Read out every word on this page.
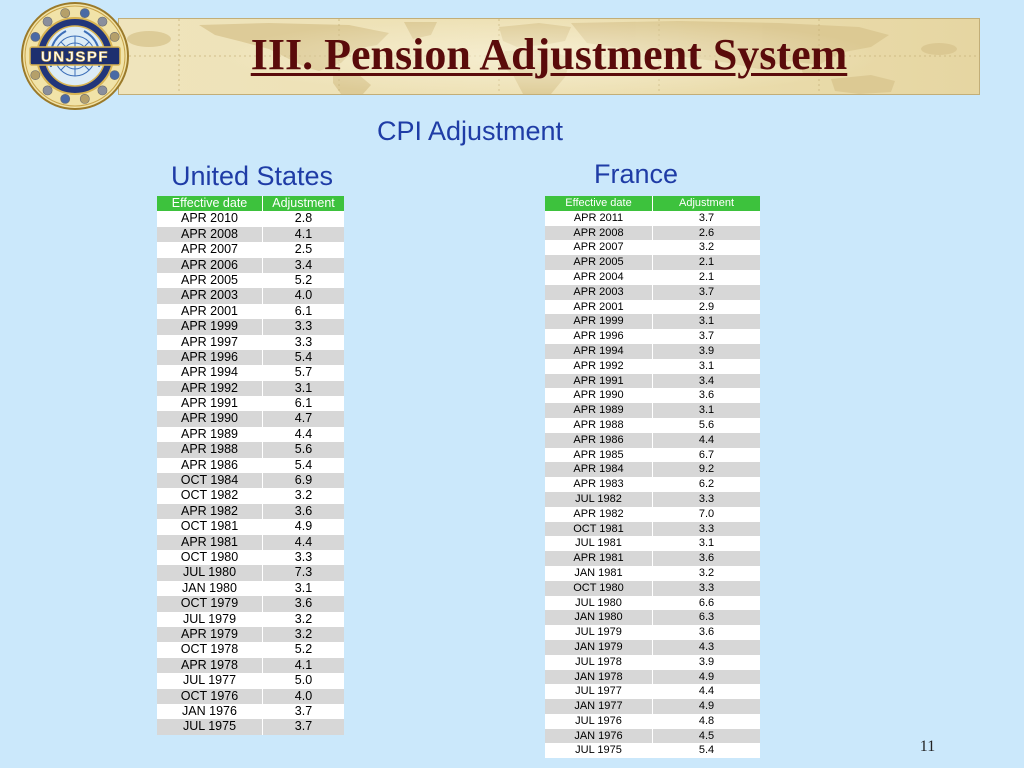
UNJSPF	III. Pension Adjustment System
CPI Adjustment
United States	France
Effective date	Adjustment
APR 2010	2.8
APR 2008	4.1
APR 2007	2.5
APR 2006	3.4
APR 2005	5.2
APR 2003	4.0
APR 2001	6.1
APR 1999	3.3
APR 1997	3.3
APR 1996	5.4
APR 1994	5.7
APR 1992	3.1
APR 1991	6.1
APR 1990	4.7
APR 1989	4.4
APR 1988	5.6
APR 1986	5.4
OCT 1984	6.9
OCT 1982	3.2
APR 1982	3.6
OCT 1981	4.9
APR 1981	4.4
OCT 1980	3.3
JUL 1980	7.3
JAN 1980	3.1
OCT 1979	3.6
JUL 1979	3.2
APR 1979	3.2
OCT 1978	5.2
APR 1978	4.1
JUL 1977	5.0
OCT 1976	4.0
JAN 1976	3.7
JUL 1975	3.7
Effective date	Adjustment
APR 2011	3.7
APR 2008	2.6
APR 2007	3.2
APR 2005	2.1
APR 2004	2.1
APR 2003	3.7
APR 2001	2.9
APR 1999	3.1
APR 1996	3.7
APR 1994	3.9
APR 1992	3.1
APR 1991	3.4
APR 1990	3.6
APR 1989	3.1
APR 1988	5.6
APR 1986	4.4
APR 1985	6.7
APR 1984	9.2
APR 1983	6.2
JUL 1982	3.3
APR 1982	7.0
OCT 1981	3.3
JUL 1981	3.1
APR 1981	3.6
JAN 1981	3.2
OCT 1980	3.3
JUL 1980	6.6
JAN 1980	6.3
JUL 1979	3.6
JAN 1979	4.3
JUL 1978	3.9
JAN 1978	4.9
JUL 1977	4.4
JAN 1977	4.9
JUL 1976	4.8
JAN 1976	4.5
JUL 1975	5.4	11
